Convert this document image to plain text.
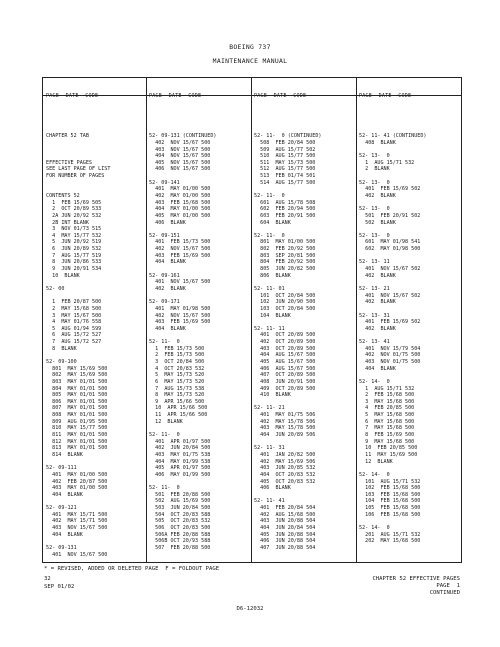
BOEING 737
MAINTENANCE MANUAL

PAGE  DATE  CODE

CHAPTER 52 TAB
EFFECTIVE PAGES
SEE LAST PAGE OF LIST
FOR NUMBER OF PAGES
CONTENTS 52
1  FEB 15/69 505
2  OCT 20/89 533
2A JUN 20/92 532
2B INT BLANK
3  NOV 01/73 515
4  MAY 15/77 532
5  JUN 20/92 519
6  JUN 20/89 532
7  AUG 15/77 519
8  JUN 20/86 533
9  JUN 20/91 534
10  BLANK
52- 00
1  FEB 20/87 500
2  MAY 15/68 500
3  MAY 15/67 500
4  MAY 01/76 558
5  AUG 01/94 599
6  AUG 15/72 527
7  AUG 15/72 527
8  BLANK
52- 09-100
801  MAY 15/69 500
802  MAY 15/69 500
803  MAY 01/01 500
804  MAY 01/01 500
805  MAY 01/01 500
806  MAY 01/01 500
807  MAY 01/01 500
808  MAY 01/01 500
809  AUG 01/95 500
810  MAY 15/77 500
811  MAY 01/01 500
812  MAY 01/01 500
813  MAY 01/01 500
814  BLANK
52- 09-111
401  MAY 01/00 500
402  FEB 20/87 500
403  MAY 01/00 500
404  BLANK
52- 09-121
401  MAY 15/71 500
402  MAY 15/71 500
403  NOV 15/67 500
404  BLANK
52- 09-131
401  NOV 15/67 500

PAGE  DATE  CODE

52- 09-131 (CONTINUED)
402  NOV 15/67 500
403  NOV 15/67 500
404  NOV 15/67 500
405  NOV 15/67 500
406  NOV 15/67 500
52- 09-141
401  MAY 01/00 500
402  MAY 01/00 500
403  FEB 15/68 500
404  MAY 01/00 500
405  MAY 01/00 500
406  BLANK
52- 09-151
401  FEB 15/73 500
402  NOV 15/67 500
403  FEB 15/69 500
404  BLANK
52- 09-161
401  NOV 15/67 500
402  BLANK
52- 09-171
401  MAY 01/98 500
402  NOV 15/67 500
403  FEB 15/69 500
404  BLANK
52- 11-  0
1  FEB 15/73 500
2  FEB 15/73 500
3  OCT 20/84 500
4  OCT 20/83 532
5  MAY 15/73 520
6  MAY 15/73 520
7  AUG 15/73 538
8  MAY 15/73 520
9  APR 15/66 500
10  APR 15/66 500
11  APR 15/66 500
12  BLANK
52- 11-  0
401  APR 01/97 500
402  JUN 20/84 500
403  MAY 01/75 538
404  MAY 01/99 538
405  APR 01/97 500
406  MAY 01/99 500
52- 11-  0
501  FEB 20/88 500
502  AUG 15/69 500
503  JUN 20/84 500
504  OCT 20/83 588
505  OCT 20/83 532
506  OCT 20/83 500
506A FEB 20/88 588
506B OCT 20/93 588
507  FEB 20/88 500

PAGE  DATE  CODE

52- 11-  0 (CONTINUED)
508  FEB 20/84 500
509  AUG 15/77 502
510  AUG 15/77 500
511  MAY 15/73 500
512  AUG 15/77 500
513  FEB 01/74 501
514  AUG 15/77 500
52- 11-  0
601  AUG 15/78 508
602  FEB 20/94 500
603  FEB 20/91 500
604  BLANK
52- 11-  0
801  MAY 01/00 500
802  FEB 20/92 500
803  SEP 20/81 500
804  FEB 20/92 500
805  JUN 20/82 500
806  BLANK
52- 11- 01
101  OCT 20/84 500
102  JUN 20/90 500
103  OCT 20/84 500
104  BLANK
52- 11- 11
401  OCT 20/89 500
402  OCT 20/89 500
403  OCT 20/89 500
404  AUG 15/67 500
405  AUG 15/67 500
406  AUG 15/67 500
407  OCT 20/89 500
408  JUN 20/91 500
409  OCT 20/89 500
410  BLANK
52- 11- 21
401  MAY 01/75 506
402  MAY 15/78 506
403  MAY 15/78 500
404  JUN 20/89 506
52- 11- 31
401  JAN 20/82 500
402  MAY 15/69 506
403  JUN 20/85 532
404  OCT 20/83 532
405  OCT 20/83 532
406  BLANK
52- 11- 41
401  FEB 20/84 504
402  AUG 15/68 500
403  JUN 20/88 504
404  JUN 20/84 504
405  JUN 20/88 504
406  JUN 20/88 504
407  JUN 20/88 504

PAGE  DATE  CODE

52- 11- 41 (CONTINUED)
408  BLANK
52- 13-  0
1  AUG 15/71 532
2  BLANK
52- 13-  0
401  FEB 15/69 502
402  BLANK
52- 13-  0
501  FEB 20/91 502
502  BLANK
52- 13-  0
601  MAY 01/98 541
602  MAY 01/98 500
52- 13- 11
401  NOV 15/67 502
402  BLANK
52- 13- 21
401  NOV 15/67 502
402  BLANK
52- 13- 31
401  FEB 15/69 502
402  BLANK
52- 13- 41
401  NOV 15/79 504
402  NOV 01/75 500
403  NOV 01/75 500
404  BLANK
52- 14-  0
1  AUG 15/71 532
2  FEB 15/68 500
3  MAY 15/68 500
4  FEB 20/85 500
5  MAY 15/68 500
6  MAY 15/68 500
7  MAY 15/68 500
8  FEB 15/69 500
9  MAY 15/68 500
10  FEB 20/85 500
11  MAY 15/69 500
12  BLANK
52- 14-  0
101  AUG 15/71 532
102  FEB 15/68 500
103  FEB 15/68 500
104  FEB 15/68 500
105  FEB 15/68 500
106  FEB 15/68 500
52- 14-  0
201  AUG 15/71 532
202  MAY 15/68 500

* = REVISED, ADDED OR DELETED PAGE  F = FOLDOUT PAGE
32
SEP 01/02
CHAPTER 52 EFFECTIVE PAGES
PAGE  1
CONTINUED
D6-12032
